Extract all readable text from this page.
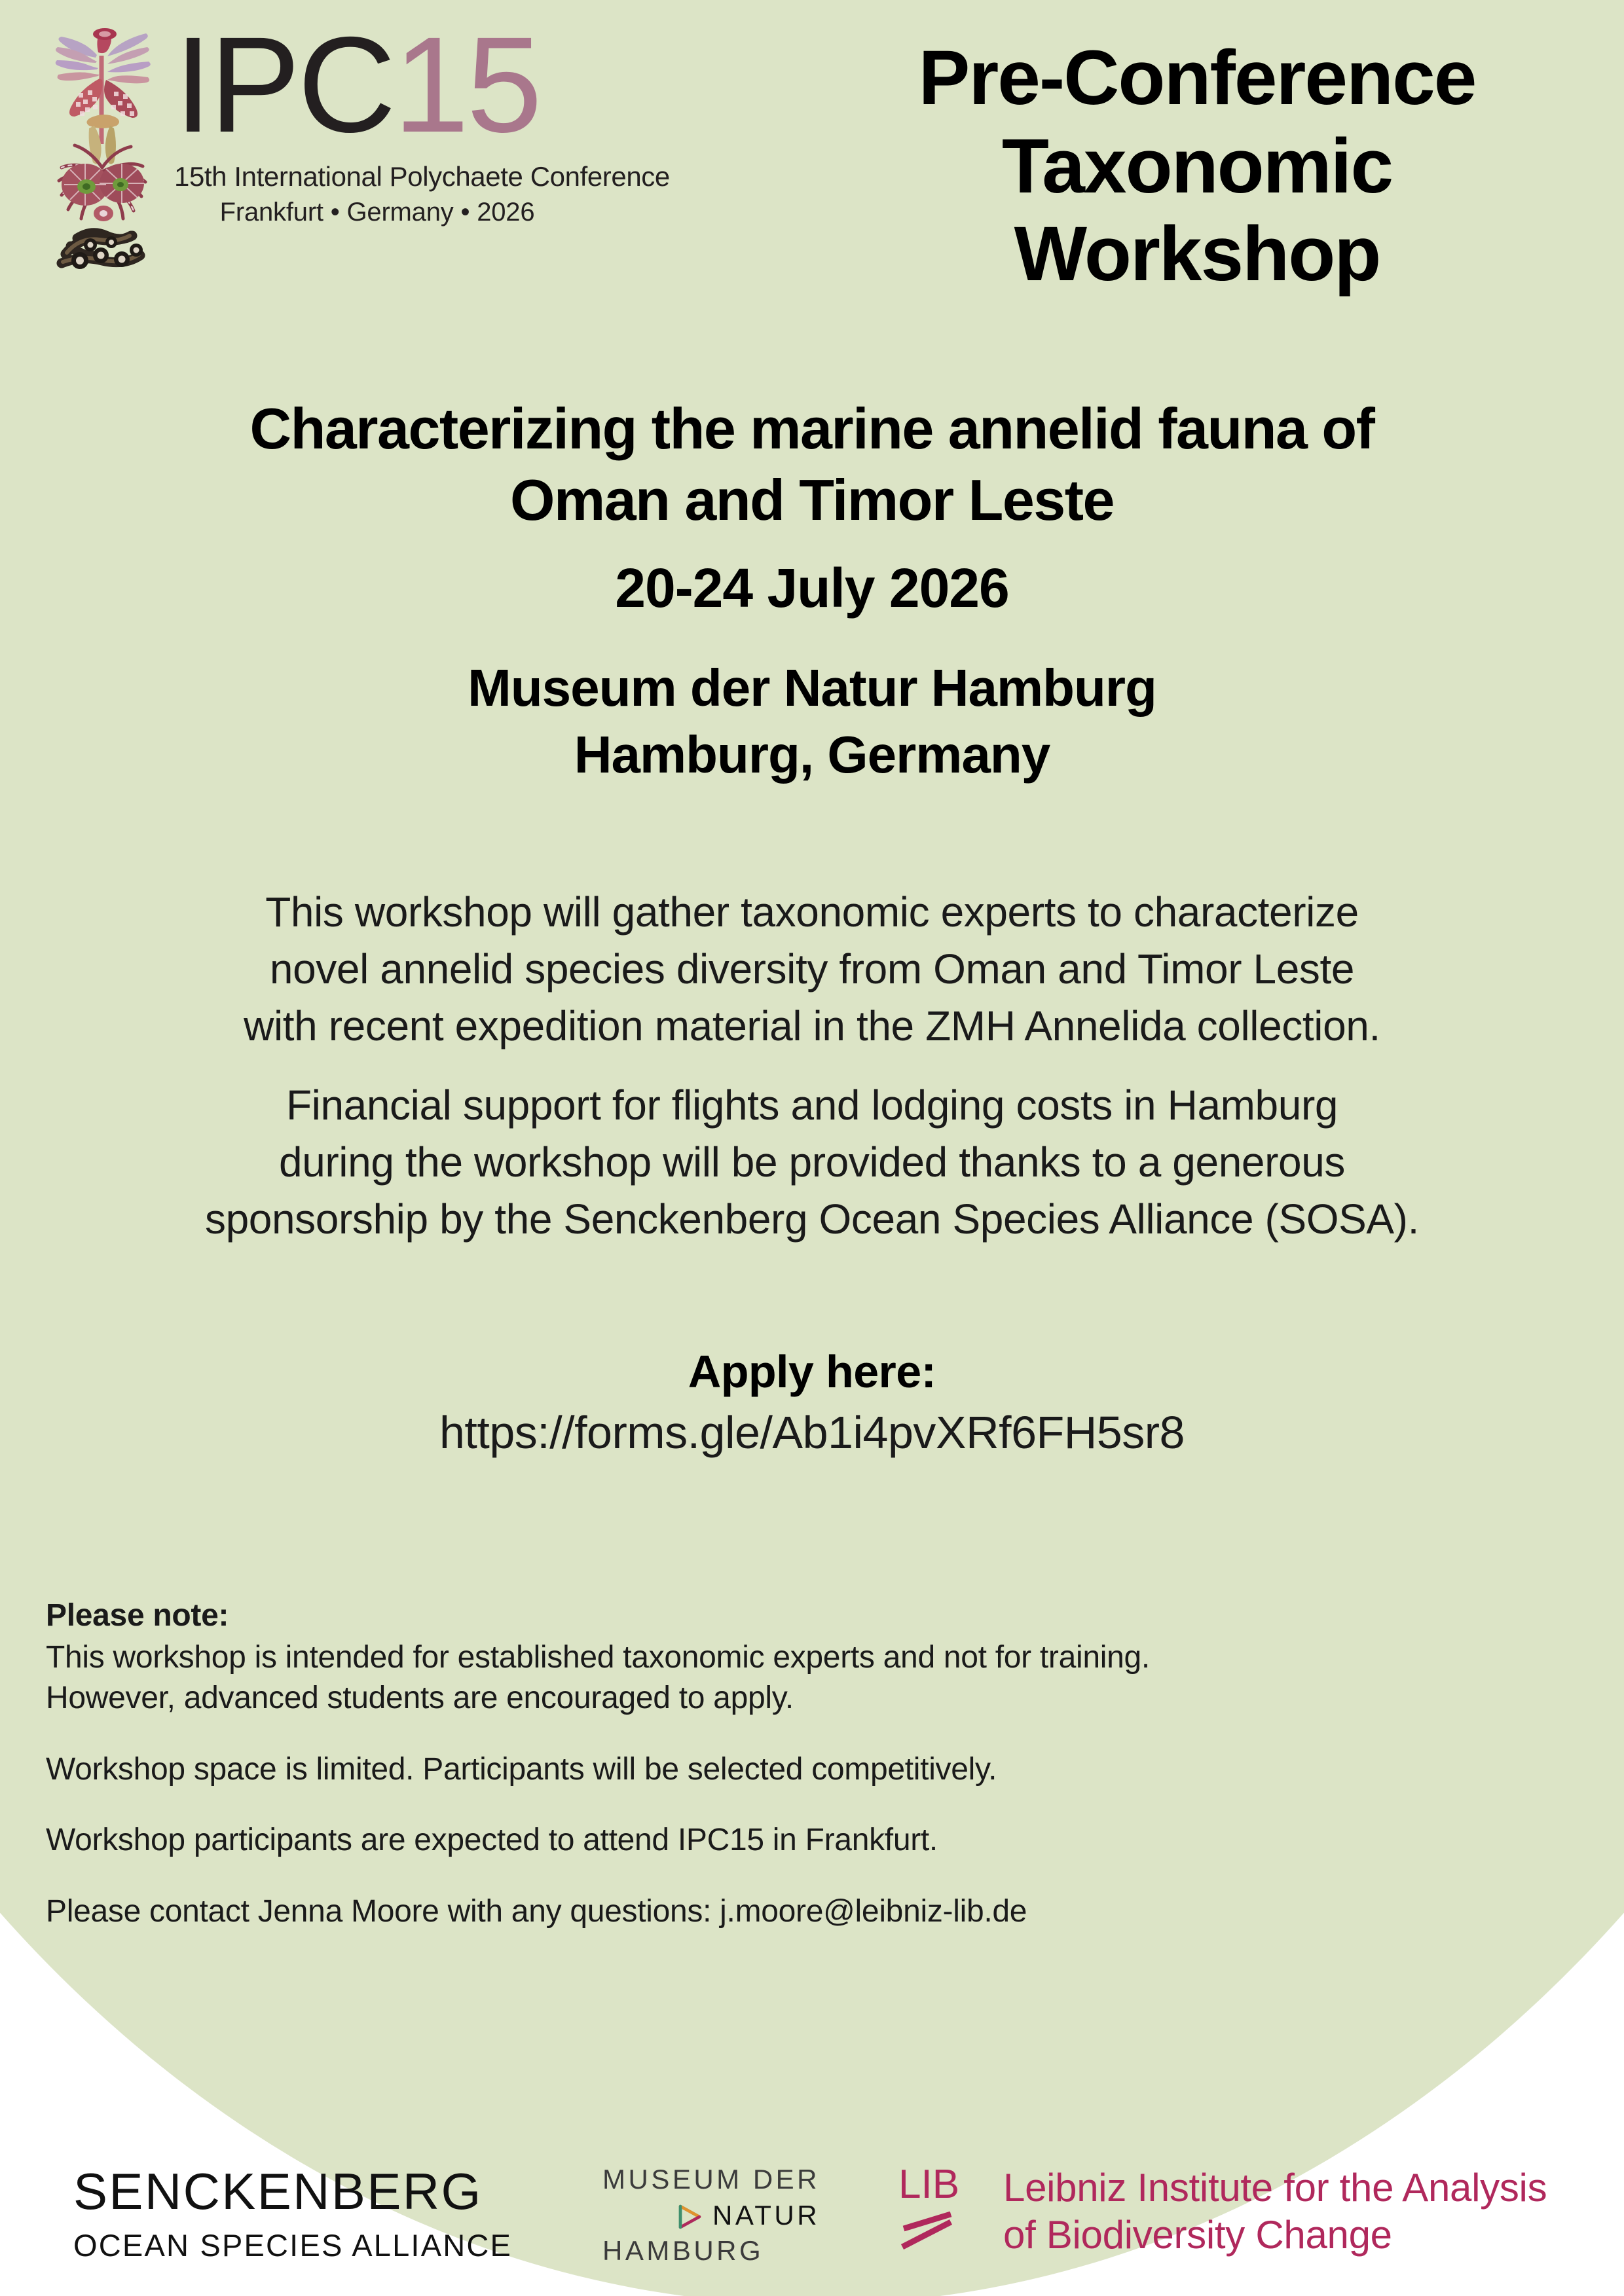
IPC15
15th International Polychaete Conference
Frankfurt • Germany • 2026
Pre-Conference
Taxonomic Workshop
Characterizing the marine annelid fauna of
Oman and Timor Leste
20-24 July 2026
Museum der Natur Hamburg
Hamburg, Germany
This workshop will gather taxonomic experts to characterize
novel annelid species diversity from Oman and Timor Leste
with recent expedition material in the ZMH Annelida collection.
Financial support for flights and lodging costs in Hamburg
during the workshop will be provided thanks to a generous
sponsorship by the Senckenberg Ocean Species Alliance (SOSA).
Apply here:
https://forms.gle/Ab1i4pvXRf6FH5sr8
Please note:
This workshop is intended for established taxonomic experts and not for training.
However, advanced students are encouraged to apply.
Workshop space is limited. Participants will be selected competitively.
Workshop participants are expected to attend IPC15 in Frankfurt.
Please contact Jenna Moore with any questions: j.moore@leibniz-lib.de
SENCKENBERG
OCEAN SPECIES ALLIANCE
MUSEUM DER
NATUR
HAMBURG
LIB	Leibniz Institute for the Analysis
of Biodiversity Change
